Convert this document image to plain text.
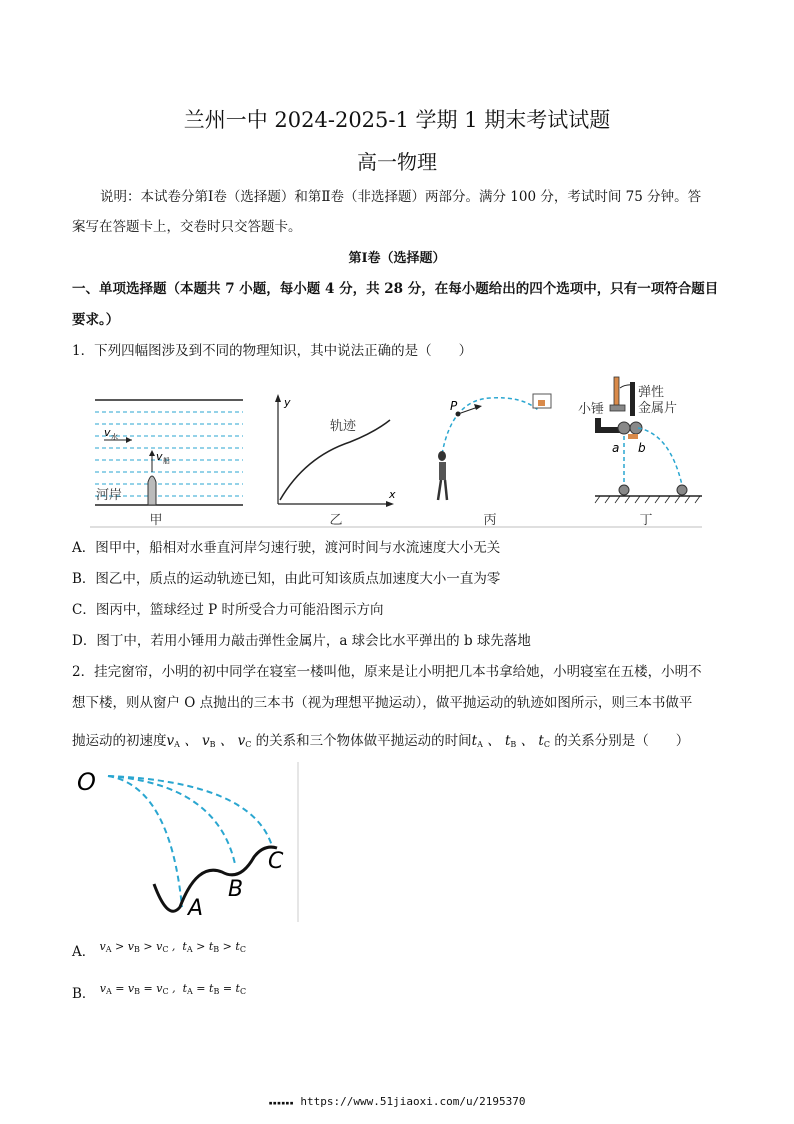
兰州一中 2024-2025-1 学期 1 期末考试试题
高一物理
说明：本试卷分第Ⅰ卷（选择题）和第Ⅱ卷（非选择题）两部分。满分 100 分，考试时间 75 分钟。答
案写在答题卡上，交卷时只交答题卡。
第Ⅰ卷（选择题）
一、单项选择题（本题共 7 小题，每小题 4 分，共 28 分，在每小题给出的四个选项中，只有一项符合题目
要求。）
1．下列四幅图涉及到不同的物理知识，其中说法正确的是（　　）
v 水
v 船
河岸
y
x
轨迹
P
弹性
金属片
小锤
a b
甲	乙	丙	丁
A．图甲中，船相对水垂直河岸匀速行驶，渡河时间与水流速度大小无关
B．图乙中，质点的运动轨迹已知，由此可知该质点加速度大小一直为零
C．图丙中，篮球经过 P 时所受合力可能沿图示方向
D．图丁中，若用小锤用力敲击弹性金属片，a 球会比水平弹出的 b 球先落地
2．挂完窗帘，小明的初中同学在寝室一楼叫他，原来是让小明把几本书拿给她，小明寝室在五楼，小明不
想下楼，则从窗户 O 点抛出的三本书（视为理想平抛运动），做平抛运动的轨迹如图所示，则三本书做平
抛运动的初速度$v_A$ 、 $v_B$ 、 $v_C$ 的关系和三个物体做平抛运动的时间$t_A$ 、 $t_B$ 、 $t_C$ 的关系分别是（　　）
O
A
B
C
A． $^{v_A > v_B > v_C , t_A > t_B > t_C}$
B． $^{v_A = v_B = v_C , t_A = t_B = t_C}$
▪▪▪▪▪▪ https://www.51jiaoxi.com/u/2195370
